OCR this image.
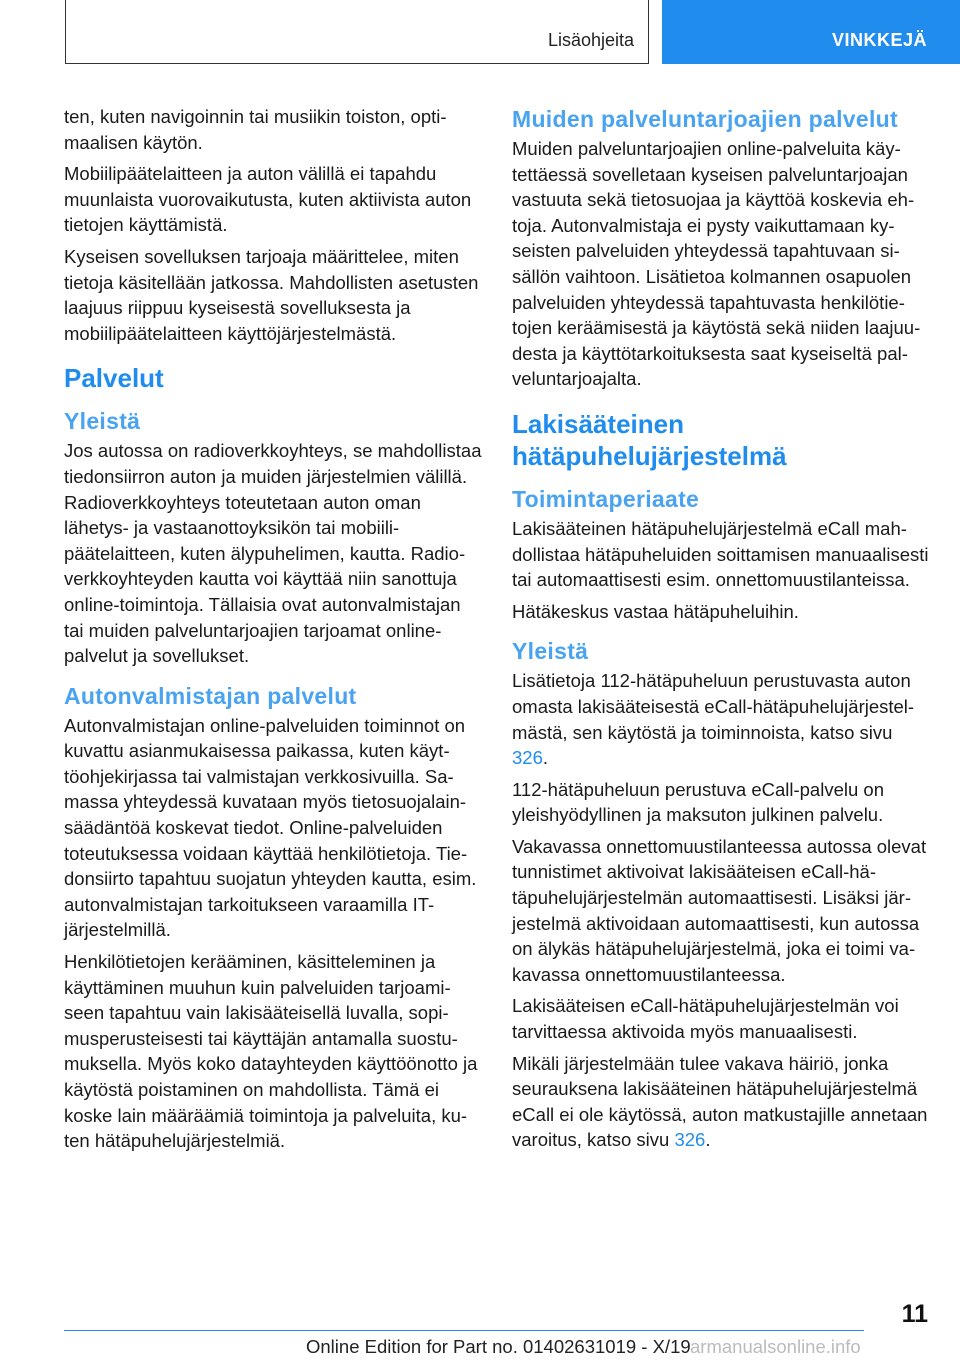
Lisäohjeita	VINKKEJÄ

ten, kuten navigoinnin tai musiikin toiston, optimaalisen käytön.

Mobiilipäätelaitteen ja auton välillä ei tapahdu muunlaista vuorovaikutusta, kuten aktiivista auton tietojen käyttämistä.

Kyseisen sovelluksen tarjoaja määrittelee, miten tietoja käsitellään jatkossa. Mahdollisten asetusten laajuus riippuu kyseisestä sovelluksesta ja mobiilipäätelaitteen käyttöjärjestelmästä.

Palvelut
Yleistä

Jos autossa on radioverkkoyhteys, se mahdollistaa tiedonsiirron auton ja muiden järjestelmien välillä. Radioverkkoyhteys toteutetaan auton oman lähetys- ja vastaanottoyksikön tai mobiilipäätelaitteen, kuten älypuhelimen, kautta. Radioverkkoyhteyden kautta voi käyttää niin sanottuja online-toimintoja. Tällaisia ovat autonvalmistajan tai muiden palveluntarjoajien tarjoamat online-palvelut ja sovellukset.

Autonvalmistajan palvelut

Autonvalmistajan online-palveluiden toiminnot on kuvattu asianmukaisessa paikassa, kuten käyttöohjekirjassa tai valmistajan verkkosivuilla. Samassa yhteydessä kuvataan myös tietosuojalainsäädäntöä koskevat tiedot. Online-palveluiden toteutuksessa voidaan käyttää henkilötietoja. Tiedonsiirto tapahtuu suojatun yhteyden kautta, esim. autonvalmistajan tarkoitukseen varaamilla IT-järjestelmillä.

Henkilötietojen kerääminen, käsitteleminen ja käyttäminen muuhun kuin palveluiden tarjoamiseen tapahtuu vain lakisääteisellä luvalla, sopimusperusteisesti tai käyttäjän antamalla suostumuksella. Myös koko datayhteyden käyttöönotto ja käytöstä poistaminen on mahdollista. Tämä ei koske lain määräämiä toimintoja ja palveluita, kuten hätäpuhelujärjestelmiä.

Muiden palveluntarjoajien palvelut

Muiden palveluntarjoajien online-palveluita käytettäessä sovelletaan kyseisen palveluntarjoajan vastuuta sekä tietosuojaa ja käyttöä koskevia ehtoja. Autonvalmistaja ei pysty vaikuttamaan kyseisten palveluiden yhteydessä tapahtuvaan sisällön vaihtoon. Lisätietoa kolmannen osapuolen palveluiden yhteydessä tapahtuvasta henkilötietojen keräämisestä ja käytöstä sekä niiden laajuudesta ja käyttötarkoituksesta saat kyseiseltä palveluntarjoajalta.

Lakisääteinen hätäpuhelujärjestelmä
Toimintaperiaate

Lakisääteinen hätäpuhelujärjestelmä eCall mahdollistaa hätäpuheluiden soittamisen manuaalisesti tai automaattisesti esim. onnettomuustilanteissa.

Hätäkeskus vastaa hätäpuheluihin.

Yleistä

Lisätietoja 112-hätäpuheluun perustuvasta auton omasta lakisääteisestä eCall-hätäpuhelujärjestelmästä, sen käytöstä ja toiminnoista, katso sivu 326.

112-hätäpuheluun perustuva eCall-palvelu on yleishyödyllinen ja maksuton julkinen palvelu.

Vakavassa onnettomuustilanteessa autossa olevat tunnistimet aktivoivat lakisääteisen eCall-hätäpuhelujärjestelmän automaattisesti. Lisäksi järjestelmä aktivoidaan automaattisesti, kun autossa on älykäs hätäpuhelujärjestelmä, joka ei toimi vakavassa onnettomuustilanteessa.

Lakisääteisen eCall-hätäpuhelujärjestelmän voi tarvittaessa aktivoida myös manuaalisesti.

Mikäli järjestelmään tulee vakava häiriö, jonka seurauksena lakisääteinen hätäpuhelujärjestelmä eCall ei ole käytössä, auton matkustajille annetaan varoitus, katso sivu 326.

11
Online Edition for Part no. 01402631019 - X/19 armanualsonline.info
